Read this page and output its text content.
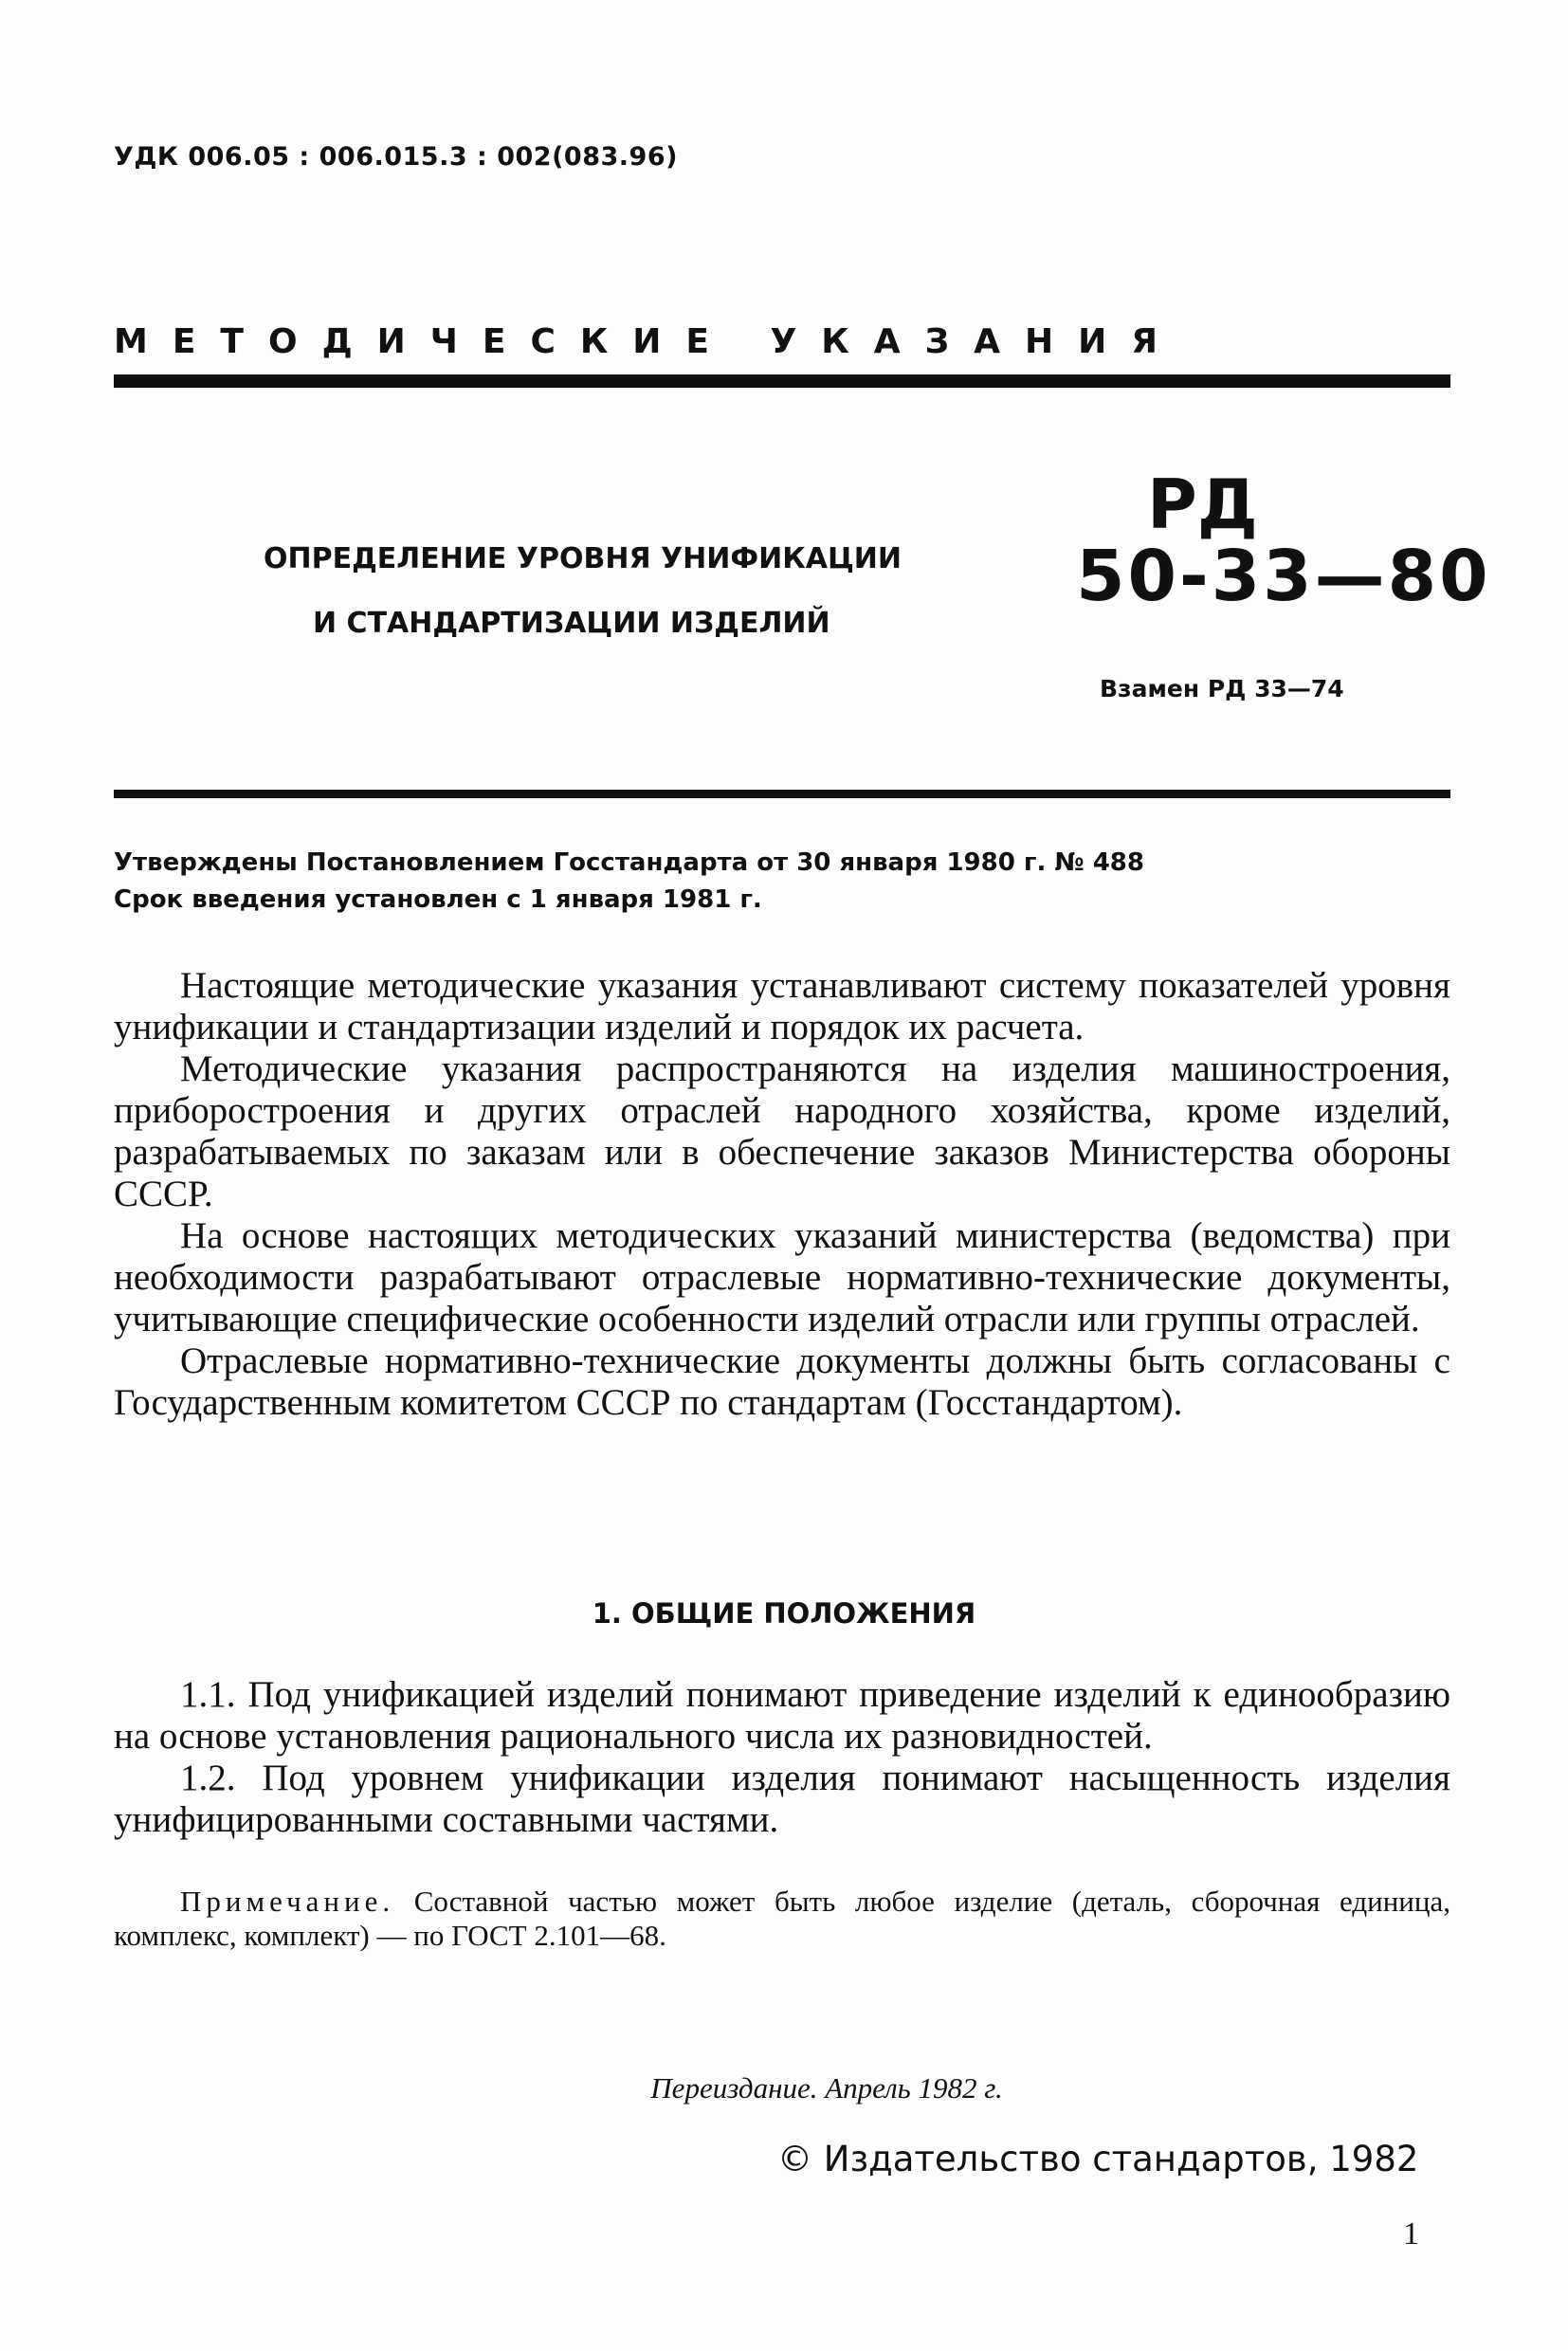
УДК 006.05 : 006.015.3 : 002(083.96)
МЕТОДИЧЕСКИЕ УКАЗАНИЯ
ОПРЕДЕЛЕНИЕ УРОВНЯ УНИФИКАЦИИ
И СТАНДАРТИЗАЦИИ ИЗДЕЛИЙ
РД
50-33—80
Взамен РД 33—74
Утверждены Постановлением Госстандарта от 30 января 1980 г. № 488
Срок введения установлен с 1 января 1981 г.

Настоящие методические указания устанавливают систему показателей уровня унификации и стандартизации изделий и порядок их расчета.

Методические указания распространяются на изделия машиностроения, приборостроения и других отраслей народного хозяйства, кроме изделий, разрабатываемых по заказам или в обеспечение заказов Министерства обороны СССР.

На основе настоящих методических указаний министерства (ведомства) при необходимости разрабатывают отраслевые нормативно-технические документы, учитывающие специфические особенности изделий отрасли или группы отраслей.

Отраслевые нормативно-технические документы должны быть согласованы с Государственным комитетом СССР по стандартам (Госстандартом).

1. ОБЩИЕ ПОЛОЖЕНИЯ

1.1. Под унификацией изделий понимают приведение изделий к единообразию на основе установления рационального числа их разновидностей.

1.2. Под уровнем унификации изделия понимают насыщенность изделия унифицированными составными частями.

Примечание. Составной частью может быть любое изделие (деталь, сборочная единица, комплекс, комплект) — по ГОСТ 2.101—68.

Переиздание. Апрель 1982 г.
© Издательство стандартов, 1982
1
